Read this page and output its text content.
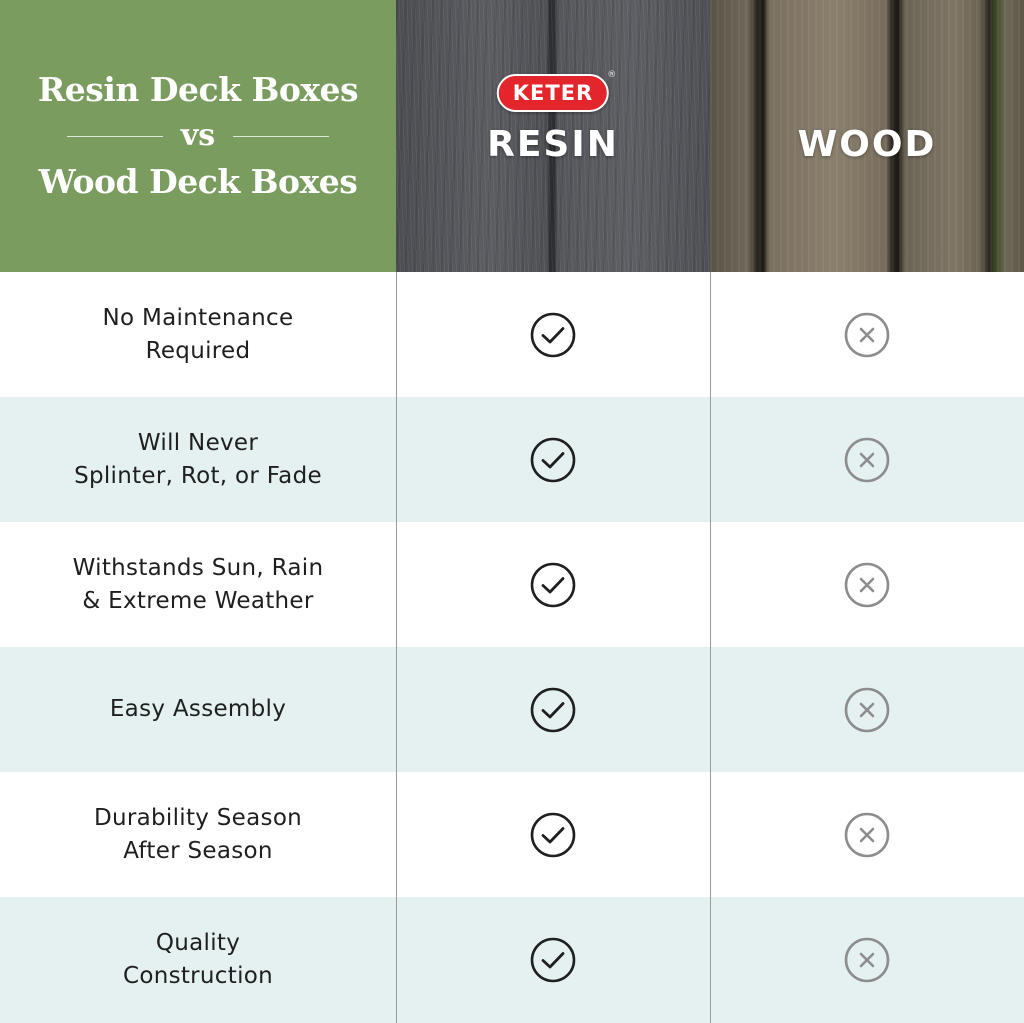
Resin Deck Boxes
vs
Wood Deck Boxes
KETER
®
RESIN	WOOD
No Maintenance
Required
Will Never
Splinter, Rot, or Fade
Withstands Sun, Rain
& Extreme Weather
Easy Assembly
Durability Season
After Season
Quality
Construction
